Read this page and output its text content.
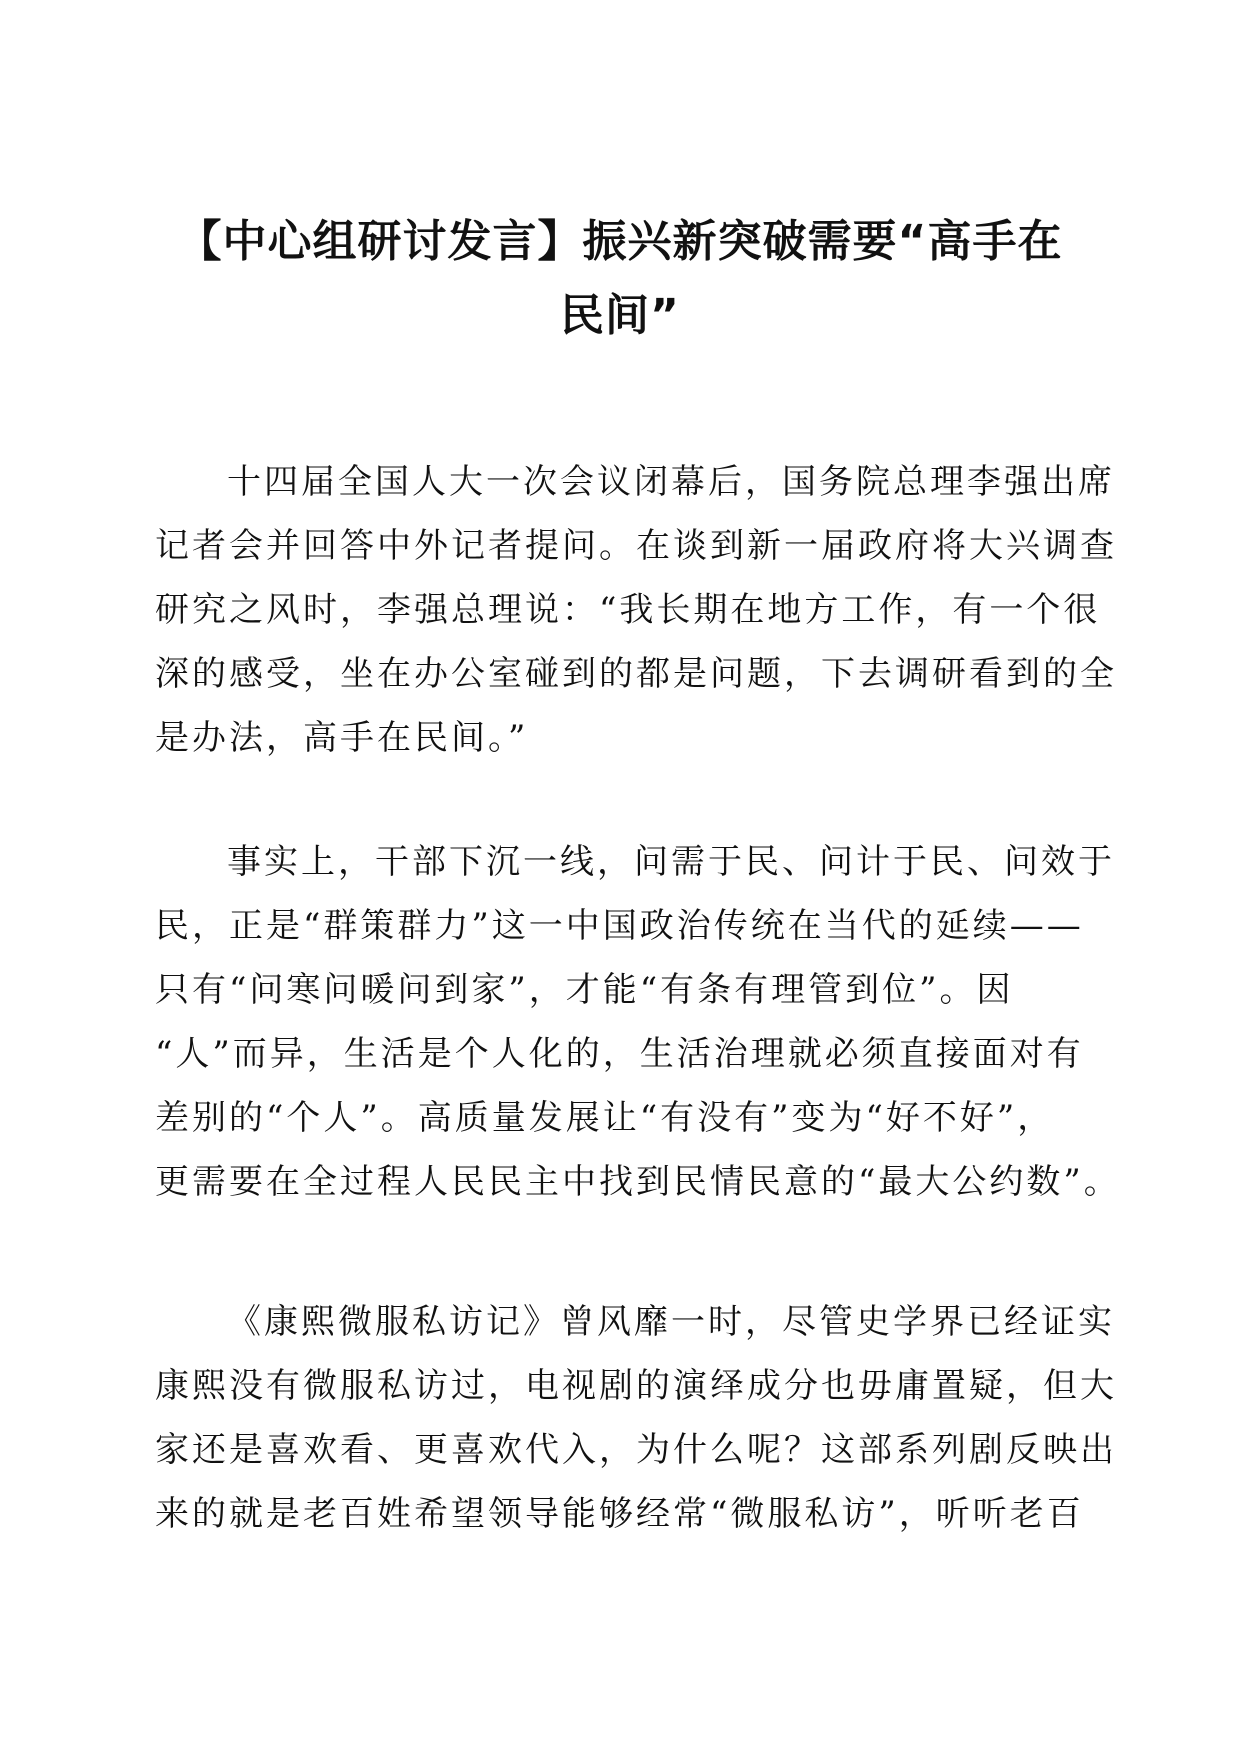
【中心组研讨发言】振兴新突破需要“高手在
民间”

十四届全国人大一次会议闭幕后，国务院总理李强出席
记者会并回答中外记者提问。在谈到新一届政府将大兴调查
研究之风时，李强总理说：“我长期在地方工作，有一个很
深的感受，坐在办公室碰到的都是问题，下去调研看到的全
是办法，高手在民间。”

事实上，干部下沉一线，问需于民、问计于民、问效于
民，正是“群策群力”这一中国政治传统在当代的延续——
只有“问寒问暖问到家”，才能“有条有理管到位”。因
“人”而异，生活是个人化的，生活治理就必须直接面对有
差别的“个人”。高质量发展让“有没有”变为“好不好”，
更需要在全过程人民民主中找到民情民意的“最大公约数”。

《康熙微服私访记》曾风靡一时，尽管史学界已经证实
康熙没有微服私访过，电视剧的演绎成分也毋庸置疑，但大
家还是喜欢看、更喜欢代入，为什么呢？这部系列剧反映出
来的就是老百姓希望领导能够经常“微服私访”，听听老百
